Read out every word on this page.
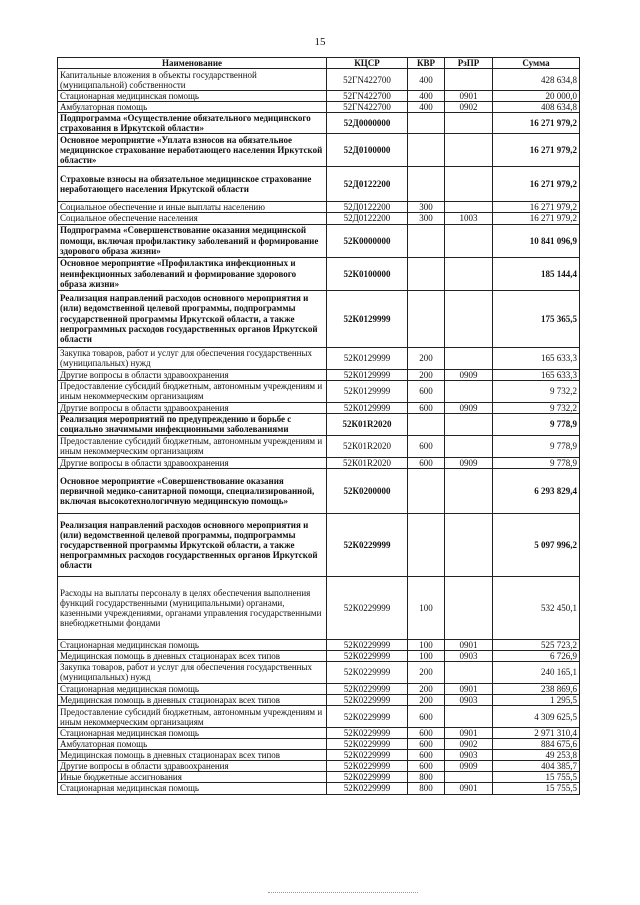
15
Наименование	КЦСР	КВР	РзПР	Сумма
Капитальные вложения в объекты государственной (муниципальной) собственности	52ГN422700	400		428 634,8
Стационарная медицинская помощь	52ГN422700	400	0901	20 000,0
Амбулаторная помощь	52ГN422700	400	0902	408 634,8
Подпрограмма «Осуществление обязательного медицинского страхования в Иркутской области»	52Д0000000			16 271 979,2
Основное мероприятие «Уплата взносов на обязательное медицинское страхование неработающего населения Иркутской области»	52Д0100000			16 271 979,2
Страховые взносы на обязательное медицинское страхование неработающего населения Иркутской области	52Д0122200			16 271 979,2
Социальное обеспечение и иные выплаты населению	52Д0122200	300		16 271 979,2
Социальное обеспечение населения	52Д0122200	300	1003	16 271 979,2
Подпрограмма «Совершенствование оказания медицинской помощи, включая профилактику заболеваний и формирование здорового образа жизни»	52К0000000			10 841 096,9
Основное мероприятие «Профилактика инфекционных и неинфекционных заболеваний и формирование здорового образа жизни»	52К0100000			185 144,4
Реализация направлений расходов основного мероприятия и (или) ведомственной целевой программы, подпрограммы государственной программы Иркутской области, а также непрограммных расходов государственных органов Иркутской области	52К0129999			175 365,5
Закупка товаров, работ и услуг для обеспечения государственных (муниципальных) нужд	52К0129999	200		165 633,3
Другие вопросы в области здравоохранения	52К0129999	200	0909	165 633,3
Предоставление субсидий бюджетным, автономным учреждениям и иным некоммерческим организациям	52К0129999	600		9 732,2
Другие вопросы в области здравоохранения	52К0129999	600	0909	9 732,2
Реализация мероприятий по предупреждению и борьбе с социально значимыми инфекционными заболеваниями	52К01R2020			9 778,9
Предоставление субсидий бюджетным, автономным учреждениям и иным некоммерческим организациям	52К01R2020	600		9 778,9
Другие вопросы в области здравоохранения	52К01R2020	600	0909	9 778,9
Основное мероприятие «Совершенствование оказания первичной медико-санитарной помощи, специализированной, включая высокотехнологичную медицинскую помощь»	52К0200000			6 293 829,4
Реализация направлений расходов основного мероприятия и (или) ведомственной целевой программы, подпрограммы государственной программы Иркутской области, а также непрограммных расходов государственных органов Иркутской области	52К0229999			5 097 996,2
Расходы на выплаты персоналу в целях обеспечения выполнения функций государственными (муниципальными) органами, казенными учреждениями, органами управления государственными внебюджетными фондами	52К0229999	100		532 450,1
Стационарная медицинская помощь	52К0229999	100	0901	525 723,2
Медицинская помощь в дневных стационарах всех типов	52К0229999	100	0903	6 726,9
Закупка товаров, работ и услуг для обеспечения государственных (муниципальных) нужд	52К0229999	200		240 165,1
Стационарная медицинская помощь	52К0229999	200	0901	238 869,6
Медицинская помощь в дневных стационарах всех типов	52К0229999	200	0903	1 295,5
Предоставление субсидий бюджетным, автономным учреждениям и иным некоммерческим организациям	52К0229999	600		4 309 625,5
Стационарная медицинская помощь	52К0229999	600	0901	2 971 310,4
Амбулаторная помощь	52К0229999	600	0902	884 675,6
Медицинская помощь в дневных стационарах всех типов	52К0229999	600	0903	49 253,8
Другие вопросы в области здравоохранения	52К0229999	600	0909	404 385,7
Иные бюджетные ассигнования	52К0229999	800		15 755,5
Стационарная медицинская помощь	52К0229999	800	0901	15 755,5
